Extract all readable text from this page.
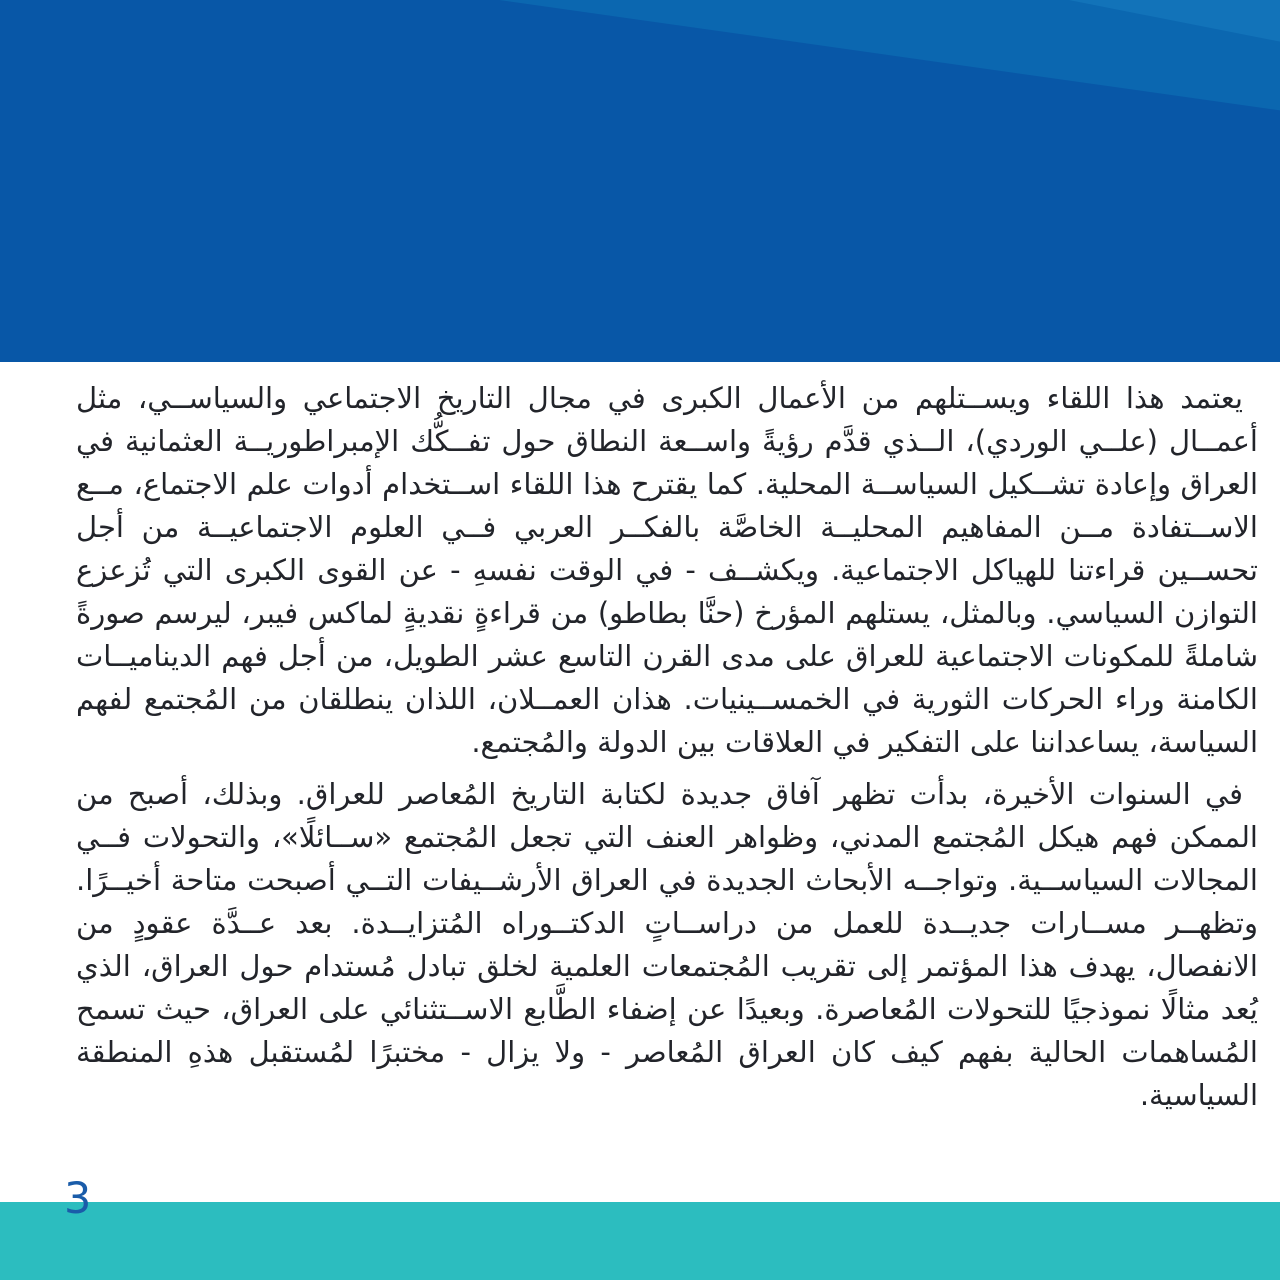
يعتمد هذا اللقاء ويســتلهم من الأعمال الكبرى في مجال التاريخ الاجتماعي والسياســي، مثل أعمــال (علــي الوردي)، الــذي قدَّم رؤيةً واســعة النطاق حول تفــكُّك الإمبراطوريــة العثمانية في العراق وإعادة تشــكيل السياســة المحلية. كما يقترح هذا اللقاء اســتخدام أدوات علم الاجتماع، مــع الاســتفادة مــن المفاهيم المحليــة الخاصَّة بالفكــر العربي فــي العلوم الاجتماعيــة من أجل تحســين قراءتنا للهياكل الاجتماعية. ويكشــف - في الوقت نفسهِ - عن القوى الكبرى التي تُزعزع التوازن السياسي. وبالمثل، يستلهم المؤرخ (حنَّا بطاطو) من قراءةٍ نقديةٍ لماكس فيبر، ليرسم صورةً شاملةً للمكونات الاجتماعية للعراق على مدى القرن التاسع عشر الطويل، من أجل فهم الديناميــات الكامنة وراء الحركات الثورية في الخمســينيات. هذان العمــلان، اللذان ينطلقان من المُجتمع لفهم السياسة، يساعداننا على التفكير في العلاقات بين الدولة والمُجتمع.

في السنوات الأخيرة، بدأت تظهر آفاق جديدة لكتابة التاريخ المُعاصر للعراق. وبذلك، أصبح من الممكن فهم هيكل المُجتمع المدني، وظواهر العنف التي تجعل المُجتمع «ســائلًا»، والتحولات فــي المجالات السياســية. وتواجــه الأبحاث الجديدة في العراق الأرشــيفات التــي أصبحت متاحة أخيــرًا. وتظهــر مســارات جديــدة للعمل من دراســاتٍ الدكتــوراه المُتزايــدة. بعد عــدَّة عقودٍ من الانفصال، يهدف هذا المؤتمر إلى تقريب المُجتمعات العلمية لخلق تبادل مُستدام حول العراق، الذي يُعد مثالًا نموذجيًا للتحولات المُعاصرة. وبعيدًا عن إضفاء الطَّابع الاســتثنائي على العراق، حيث تسمح المُساهمات الحالية بفهم كيف كان العراق المُعاصر - ولا يزال - مختبرًا لمُستقبل هذهِ المنطقة السياسية.

3
